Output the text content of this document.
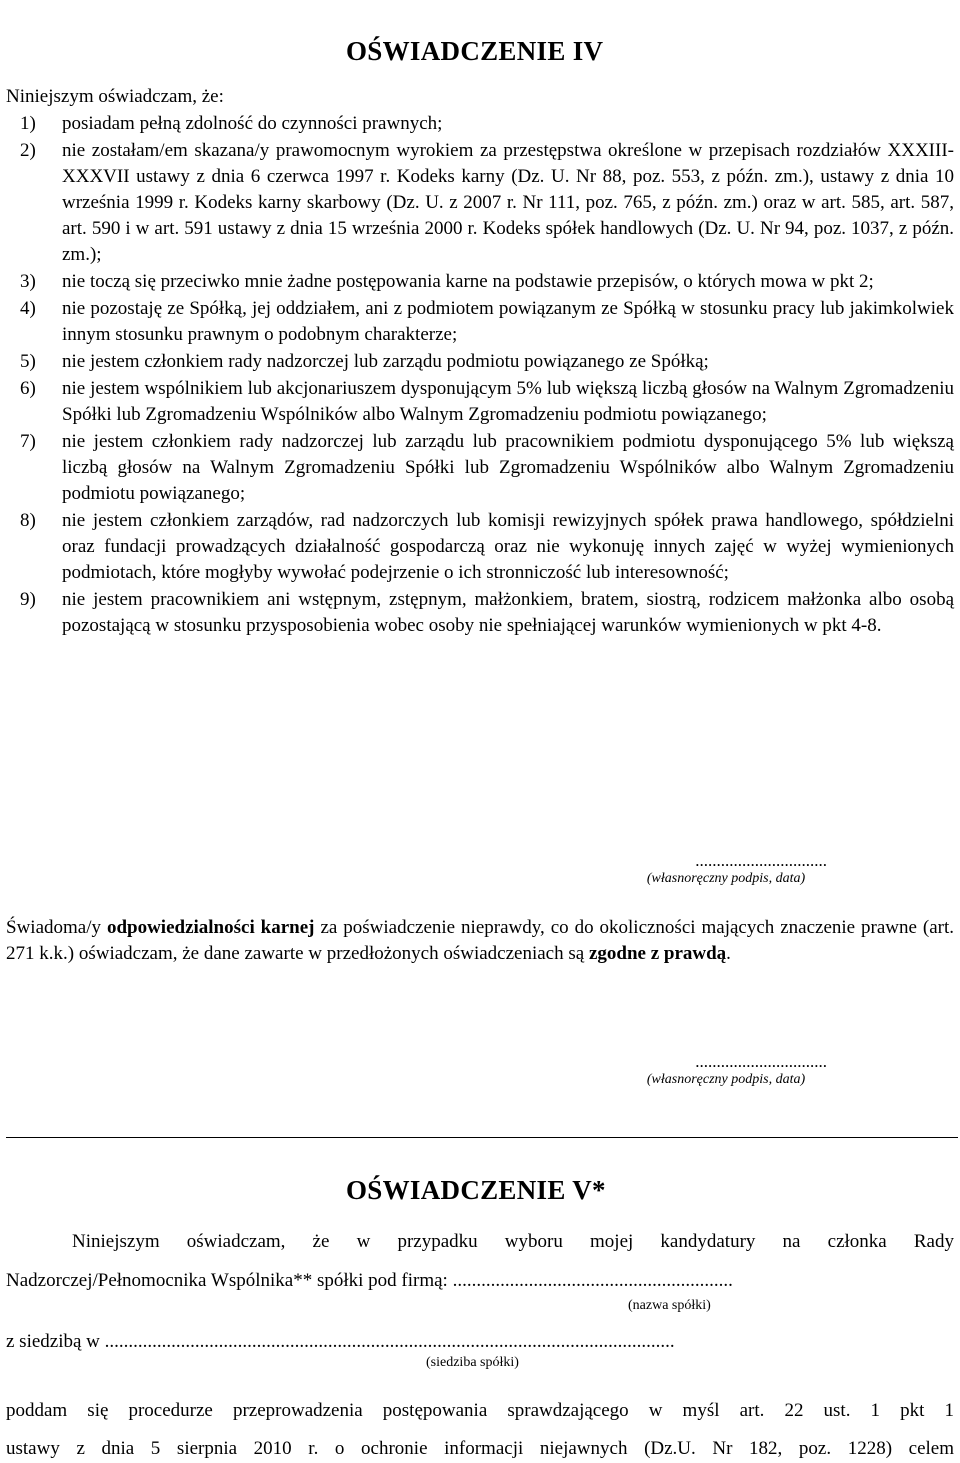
OŚWIADCZENIE IV
Niniejszym oświadczam, że:
1) posiadam pełną zdolność do czynności prawnych;
2) nie zostałam/em skazana/y prawomocnym wyrokiem za przestępstwa określone w przepisach rozdziałów XXXIII-XXXVII ustawy z dnia 6 czerwca 1997 r. Kodeks karny (Dz. U. Nr 88, poz. 553, z późn. zm.), ustawy z dnia 10 września 1999 r. Kodeks karny skarbowy (Dz. U. z 2007 r. Nr 111, poz. 765, z późn. zm.) oraz w art. 585, art. 587, art. 590 i w art. 591 ustawy z dnia 15 września 2000 r. Kodeks spółek handlowych (Dz. U. Nr 94, poz. 1037, z późn. zm.);
3) nie toczą się przeciwko mnie żadne postępowania karne na podstawie przepisów, o których mowa w pkt 2;
4) nie pozostaję ze Spółką, jej oddziałem, ani z podmiotem powiązanym ze Spółką w stosunku pracy lub jakimkolwiek innym stosunku prawnym o podobnym charakterze;
5) nie jestem członkiem rady nadzorczej lub zarządu podmiotu powiązanego ze Spółką;
6) nie jestem wspólnikiem lub akcjonariuszem dysponującym 5% lub większą liczbą głosów na Walnym Zgromadzeniu Spółki lub Zgromadzeniu Wspólników albo Walnym Zgromadzeniu podmiotu powiązanego;
7) nie jestem członkiem rady nadzorczej lub zarządu lub pracownikiem podmiotu dysponującego 5% lub większą liczbą głosów na Walnym Zgromadzeniu Spółki lub Zgromadzeniu Wspólników albo Walnym Zgromadzeniu podmiotu powiązanego;
8) nie jestem członkiem zarządów, rad nadzorczych lub komisji rewizyjnych spółek prawa handlowego, spółdzielni oraz fundacji prowadzących działalność gospodarczą oraz nie wykonuję innych zajęć w wyżej wymienionych podmiotach, które mogłyby wywołać podejrzenie o ich stronniczość lub interesowność;
9) nie jestem pracownikiem ani wstępnym, zstępnym, małżonkiem, bratem, siostrą, rodzicem małżonka albo osobą pozostającą w stosunku przysposobienia wobec osoby nie spełniającej warunków wymienionych w pkt 4-8.
...............................
(własnoręczny podpis, data)
Świadoma/y odpowiedzialności karnej za poświadczenie nieprawdy, co do okoliczności mających znaczenie prawne (art. 271 k.k.) oświadczam, że dane zawarte w przedłożonych oświadczeniach są zgodne z prawdą.
...............................
(własnoręczny podpis, data)
OŚWIADCZENIE V*
Niniejszym oświadczam, że w przypadku wyboru mojej kandydatury na członka Rady
Nadzorczej/Pełnomocnika Wspólnika** spółki pod firmą: ...........................................................
(nazwa spółki)
z siedzibą w ........................................................................................................................
(siedziba spółki)
poddam się procedurze przeprowadzenia postępowania sprawdzającego w myśl art. 22 ust. 1 pkt 1
ustawy z dnia 5 sierpnia 2010 r. o ochronie informacji niejawnych (Dz.U. Nr 182, poz. 1228) celem
